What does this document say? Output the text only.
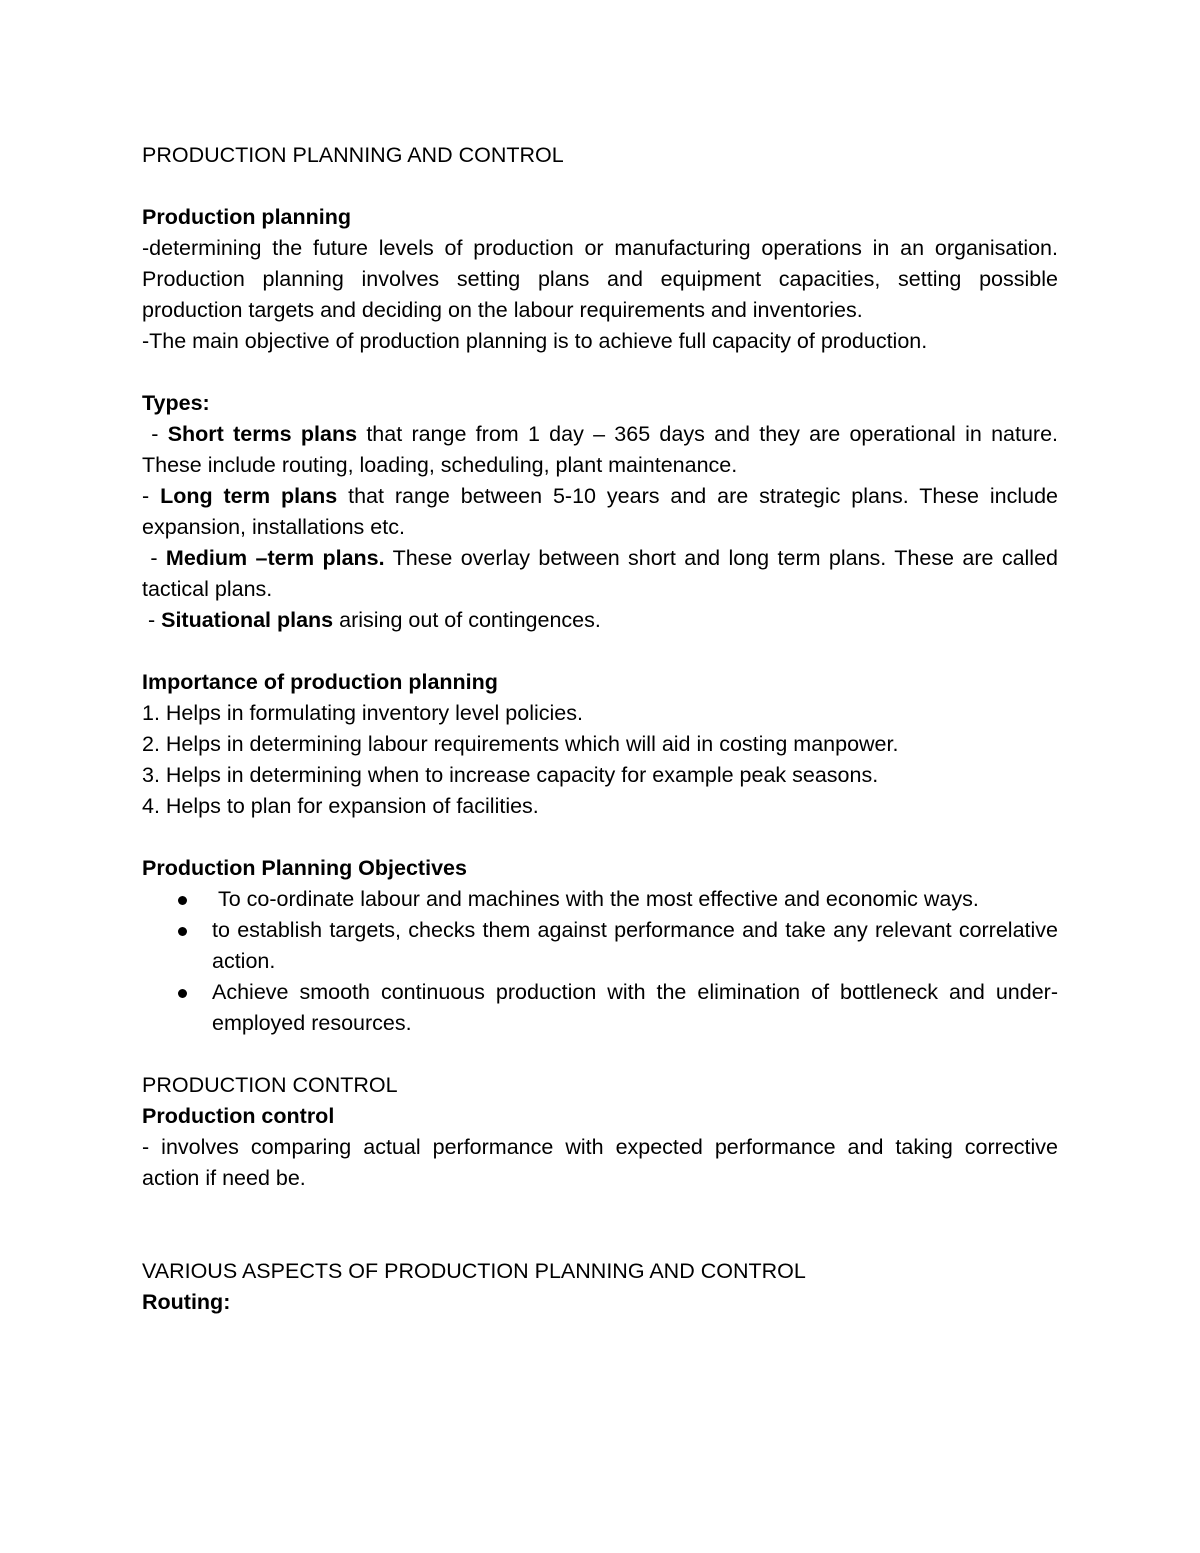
PRODUCTION PLANNING AND CONTROL
Production planning

-determining the future levels of production or manufacturing operations in an organisation. Production planning involves setting plans and equipment capacities, setting possible production targets and deciding on the labour requirements and inventories.

-The main objective of production planning is to achieve full capacity of production.

Types:

- Short terms plans that range from 1 day – 365 days and they are operational in nature. These include routing, loading, scheduling, plant maintenance.

- Long term plans that range between 5-10 years and are strategic plans. These include expansion, installations etc.

- Medium –term plans. These overlay between short and long term plans. These are called tactical plans.

- Situational plans arising out of contingences.

Importance of production planning
1. Helps in formulating inventory level policies.
2. Helps in determining labour requirements which will aid in costing manpower.
3. Helps in determining when to increase capacity for example peak seasons.
4. Helps to plan for expansion of facilities.
Production Planning Objectives
To co-ordinate labour and machines with the most effective and economic ways.
to establish targets, checks them against performance and take any relevant correlative action.
Achieve smooth continuous production with the elimination of bottleneck and under-employed resources.
PRODUCTION CONTROL
Production control

- involves comparing actual performance with expected performance and taking corrective action if need be.

VARIOUS ASPECTS OF PRODUCTION PLANNING AND CONTROL
Routing:
